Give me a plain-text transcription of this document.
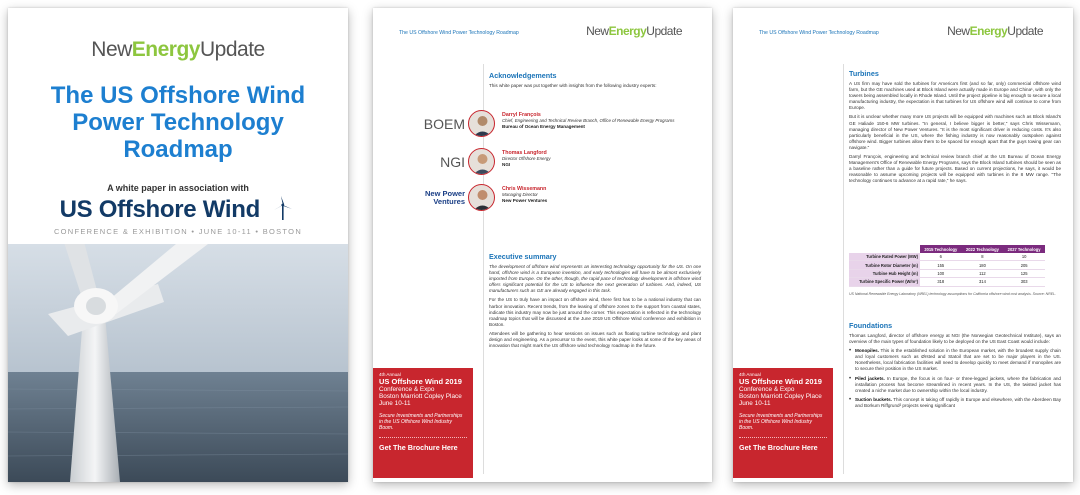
NewEnergyUpdate
The US Offshore Wind Power Technology Roadmap
A white paper in association with
US Offshore Wind
CONFERENCE & EXHIBITION • JUNE 10-11 • BOSTON
The US Offshore Wind Power Technology Roadmap	NewEnergyUpdate
Acknowledgements

This white paper was put together with insights from the following industry experts:

BOEM
Darryl François
Chief, Engineering and Technical Review Branch, Office of Renewable Energy Programs
Bureau of Ocean Energy Management
NGI
Thomas Langford
Director Offshore Energy
NGI
New Power Ventures
Chris Wissemann
Managing Director
New Power Ventures
Executive summary

The development of offshore wind represents an interesting technology opportunity for the US. On one hand, offshore wind is a European invention, and early technologies will have to be almost exclusively imported from Europe. On the other, though, the rapid pace of technology development in offshore wind offers significant potential for the US to influence the next generation of turbines. And, indeed, US manufacturers such as GE are already engaged in this task.

For the US to truly have an impact on offshore wind, there first has to be a national industry that can harbor innovation. Recent trends, from the leasing of offshore zones to the support from coastal states, indicate this industry may now be just around the corner. This expectation is reflected in the technology roadmap topics that will be discussed at the June 2019 US Offshore Wind conference and exhibition in Boston.

Attendees will be gathering to hear sessions on issues such as floating turbine technology and plant design and engineering. As a precursor to the event, this white paper looks at some of the key areas of innovation that might mark the US offshore wind technology roadmap in the future.

4th Annual
US Offshore Wind 2019
Conference & Expo
Boston Marriott Copley Place
June 10-11
Secure Investments and Partnerships in the US Offshore Wind Industry Boom.
Get The Brochure Here
The US Offshore Wind Power Technology Roadmap	NewEnergyUpdate
Turbines

A US firm may have sold the turbines for America's first (and so far, only) commercial offshore wind farm, but the GE machines used at Block Island were actually made in Europe and China¹, with only the towers being assembled locally in Rhode Island. Until the project pipeline is big enough to secure a local manufacturing industry, the expectation is that turbines for US offshore wind will continue to come from Europe.

But it is unclear whether many more US projects will be equipped with machines such as Block Island's GE Haliade 150-6 MW turbines. "In general, I believe bigger is better," says Chris Wissemann, managing director of New Power Ventures. "It is the most significant driver in reducing costs. It's also particularly beneficial in the US, where the fishing industry is now reasonably outspoken against offshore wind. Bigger turbines allow them to be spaced far enough apart that the guys towing gear can navigate."

Darryl François, engineering and technical review branch chief at the US Bureau of Ocean Energy Management's Office of Renewable Energy Programs, says the Block Island turbines should be seen as a baseline rather than a guide for future projects. Based on current projections, he says, it would be reasonable to assume upcoming projects will be equipped with turbines in the 8 MW range. "The technology continues to advance at a rapid rate," he says.

	2015 Technology	2022 Technology	2027 Technology
Turbine Rated Power (MW)	6	8	10
Turbine Rotor Diameter (m)	155	180	205
Turbine Hub Height (m)	100	112	125
Turbine Specific Power (W/m²)	318	314	303
US National Renewable Energy Laboratory (NREL) technology assumptions for California offshore wind cost analysis. Source: NREL.
Foundations

Thomas Langford, director of offshore energy at NGI (the Norwegian Geotechnical Institute), says an overview of the main types of foundation likely to be deployed on the US East Coast would include:

• Monopiles. This is the established solution in the European market, with the broadest supply chain and loyal customers such as Ørsted and Statoil that are set to be major players in the US. Nonetheless, local fabrication facilities will need to develop quickly to meet demand if monopiles are to secure their position in the US market.
• Piled jackets. In Europe, the focus is on four- or three-legged jackets, where the fabrication and installation process has become streamlined in recent years. In the US, the twisted jacket has created a niche market due to ownership within the local industry.
• Suction buckets. This concept is taking off rapidly in Europe and elsewhere, with the Aberdeen Bay and Borkum Riffgrund² projects seeing significant
4th Annual
US Offshore Wind 2019
Conference & Expo
Boston Marriott Copley Place
June 10-11
Secure Investments and Partnerships in the US Offshore Wind Industry Boom.
Get The Brochure Here
